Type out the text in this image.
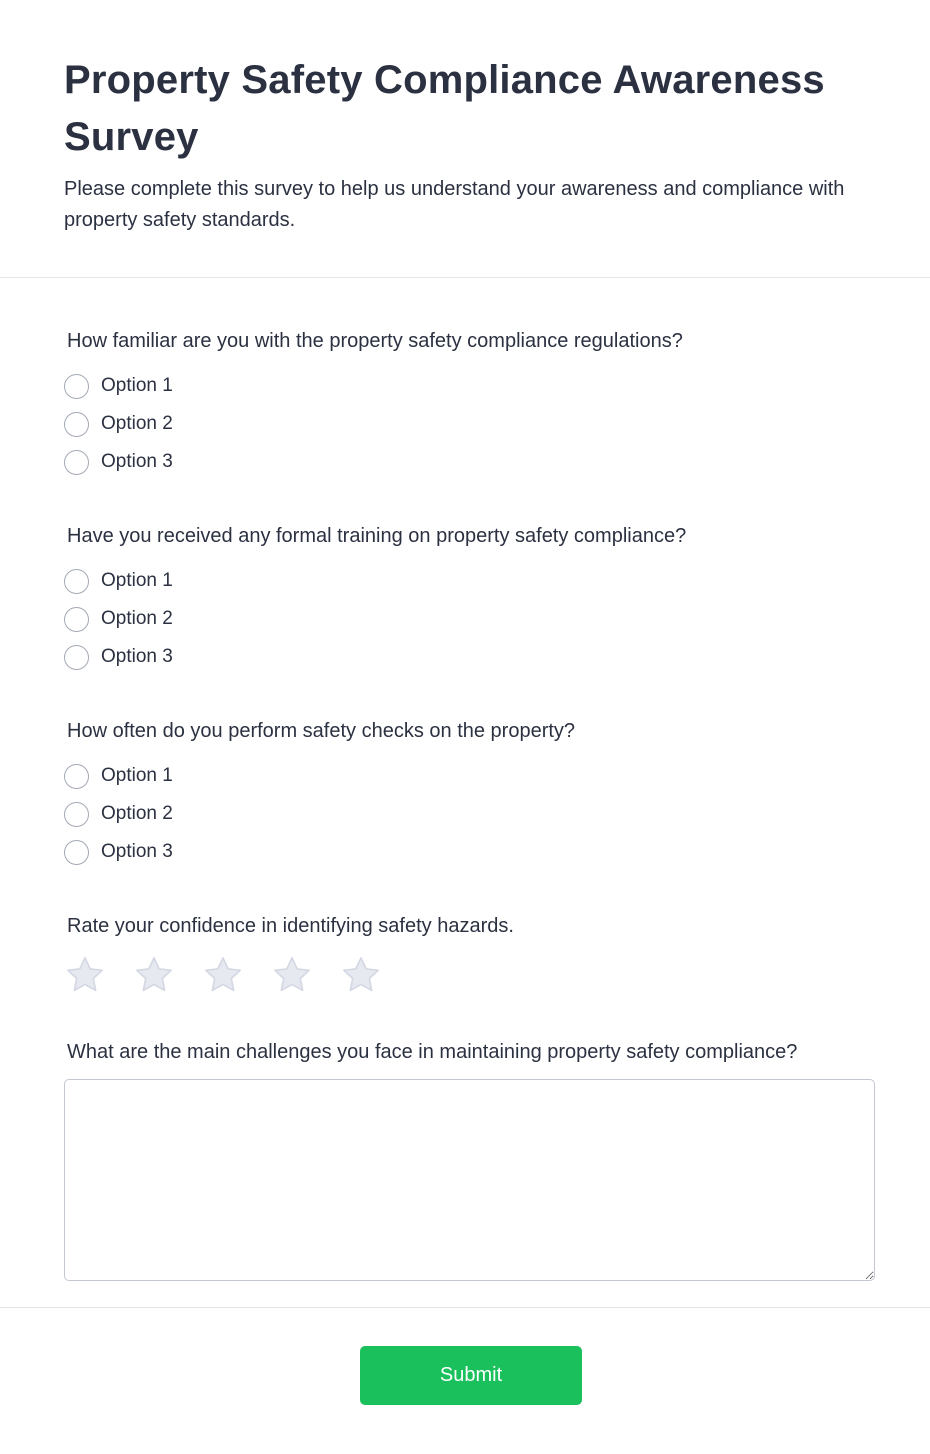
Property Safety Compliance Awareness Survey

Please complete this survey to help us understand your awareness and compliance with property safety standards.

How familiar are you with the property safety compliance regulations?
Option 1
Option 2
Option 3
Have you received any formal training on property safety compliance?
Option 1
Option 2
Option 3
How often do you perform safety checks on the property?
Option 1
Option 2
Option 3
Rate your confidence in identifying safety hazards.
What are the main challenges you face in maintaining property safety compliance?
Submit
